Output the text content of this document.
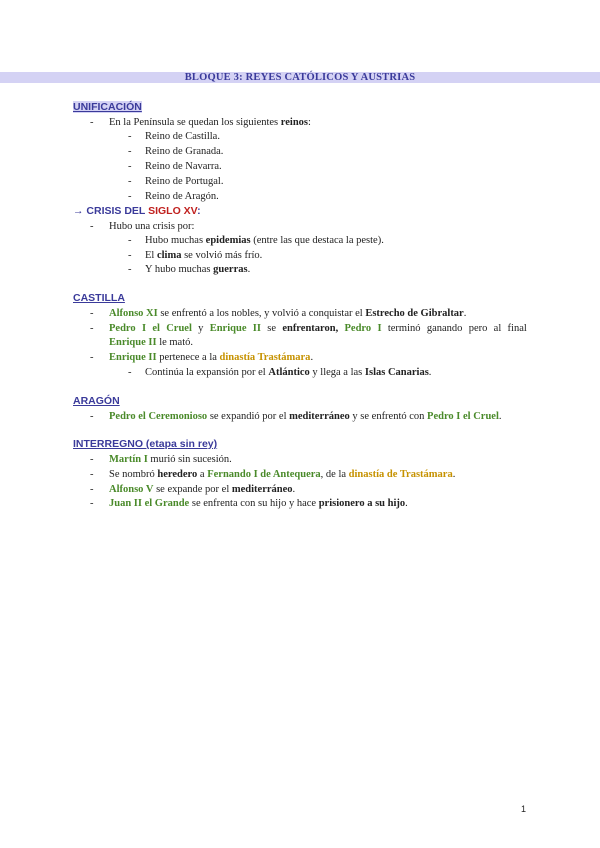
BLOQUE 3: REYES CATÓLICOS Y AUSTRIAS
UNIFICACIÓN
- En la Península se quedan los siguientes reinos:
- Reino de Castilla.
- Reino de Granada.
- Reino de Navarra.
- Reino de Portugal.
- Reino de Aragón.
→ CRISIS DEL SIGLO XV:
- Hubo una crisis por:
- Hubo muchas epidemias (entre las que destaca la peste).
- El clima se volvió más frío.
- Y hubo muchas guerras.
CASTILLA
- Alfonso XI se enfrentó a los nobles, y volvió a conquistar el Estrecho de Gibraltar.
- Pedro I el Cruel y Enrique II se enfrentaron, Pedro I terminó ganando pero al final
Enrique II le mató.
- Enrique II pertenece a la dinastía Trastámara.
- Continúa la expansión por el Atlántico y llega a las Islas Canarias.
ARAGÓN
- Pedro el Ceremonioso se expandió por el mediterráneo y se enfrentó con Pedro I el Cruel.
INTERREGNO (etapa sin rey)
- Martín I murió sin sucesión.
- Se nombró heredero a Fernando I de Antequera, de la dinastía de Trastámara.
- Alfonso V se expande por el mediterráneo.
- Juan II el Grande se enfrenta con su hijo y hace prisionero a su hijo.
1
